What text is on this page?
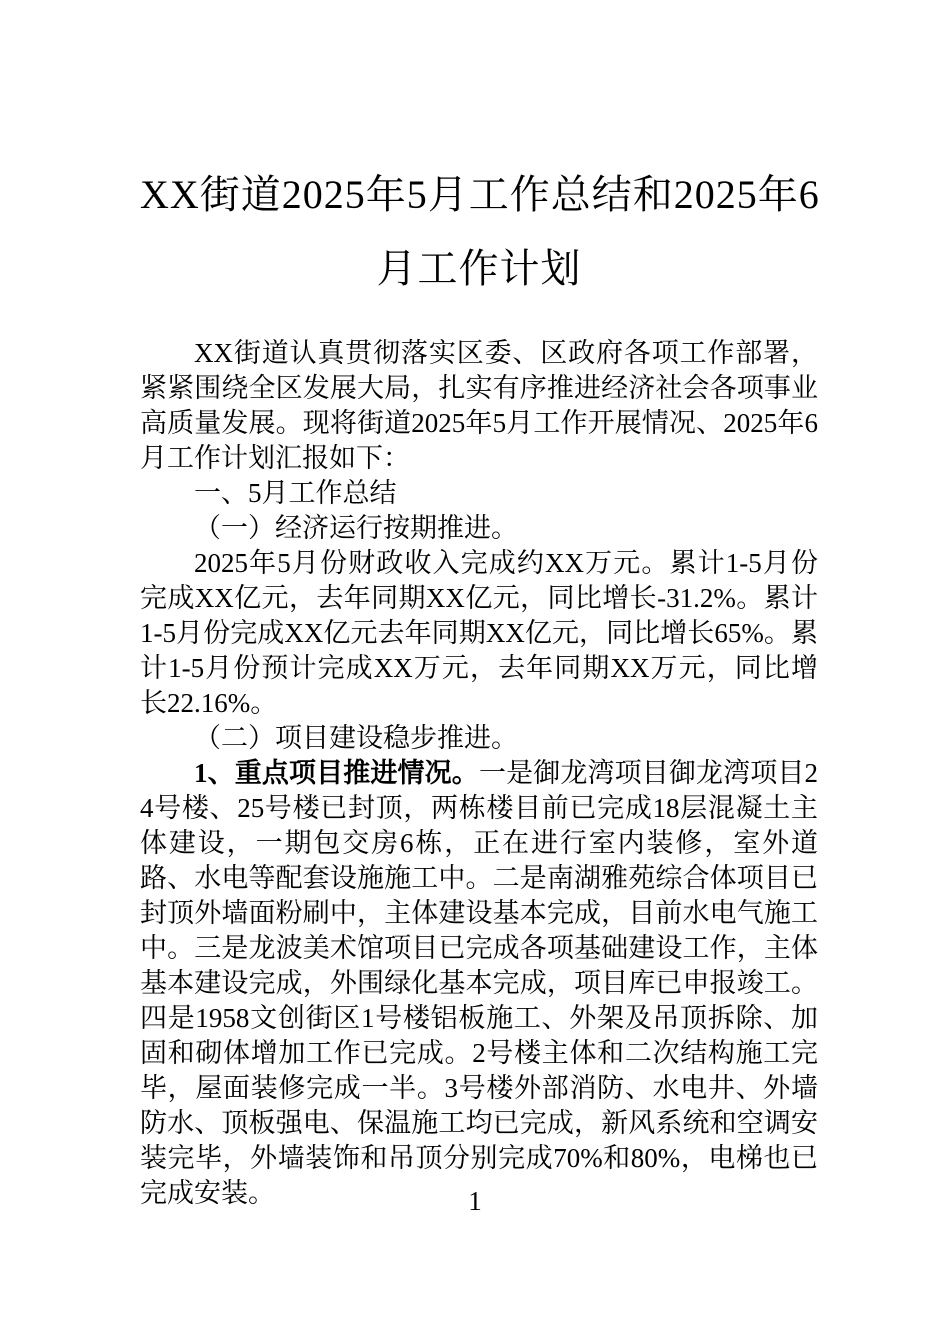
XX街道2025年5月工作总结和2025年6
月工作计划

XX街道认真贯彻落实区委、区政府各项工作部署，紧紧围绕全区发展大局，扎实有序推进经济社会各项事业高质量发展。现将街道2025年5月工作开展情况、2025年6月工作计划汇报如下：

一、5月工作总结

（一）经济运行按期推进。

2025年5月份财政收入完成约XX万元。累计1-5月份完成XX亿元，去年同期XX亿元，同比增长-31.2%。累计1-5月份完成XX亿元去年同期XX亿元，同比增长65%。累计1-5月份预计完成XX万元，去年同期XX万元，同比增长22.16%。

（二）项目建设稳步推进。

1、重点项目推进情况。一是御龙湾项目御龙湾项目24号楼、25号楼已封顶，两栋楼目前已完成18层混凝土主体建设，一期包交房6栋，正在进行室内装修，室外道路、水电等配套设施施工中。二是南湖雅苑综合体项目已封顶外墙面粉刷中，主体建设基本完成，目前水电气施工中。三是龙波美术馆项目已完成各项基础建设工作，主体基本建设完成，外围绿化基本完成，项目库已申报竣工。四是1958文创街区1号楼铝板施工、外架及吊顶拆除、加固和砌体增加工作已完成。2号楼主体和二次结构施工完毕，屋面装修完成一半。3号楼外部消防、水电井、外墙防水、顶板强电、保温施工均已完成，新风系统和空调安装完毕，外墙装饰和吊顶分别完成70%和80%，电梯也已完成安装。	1
